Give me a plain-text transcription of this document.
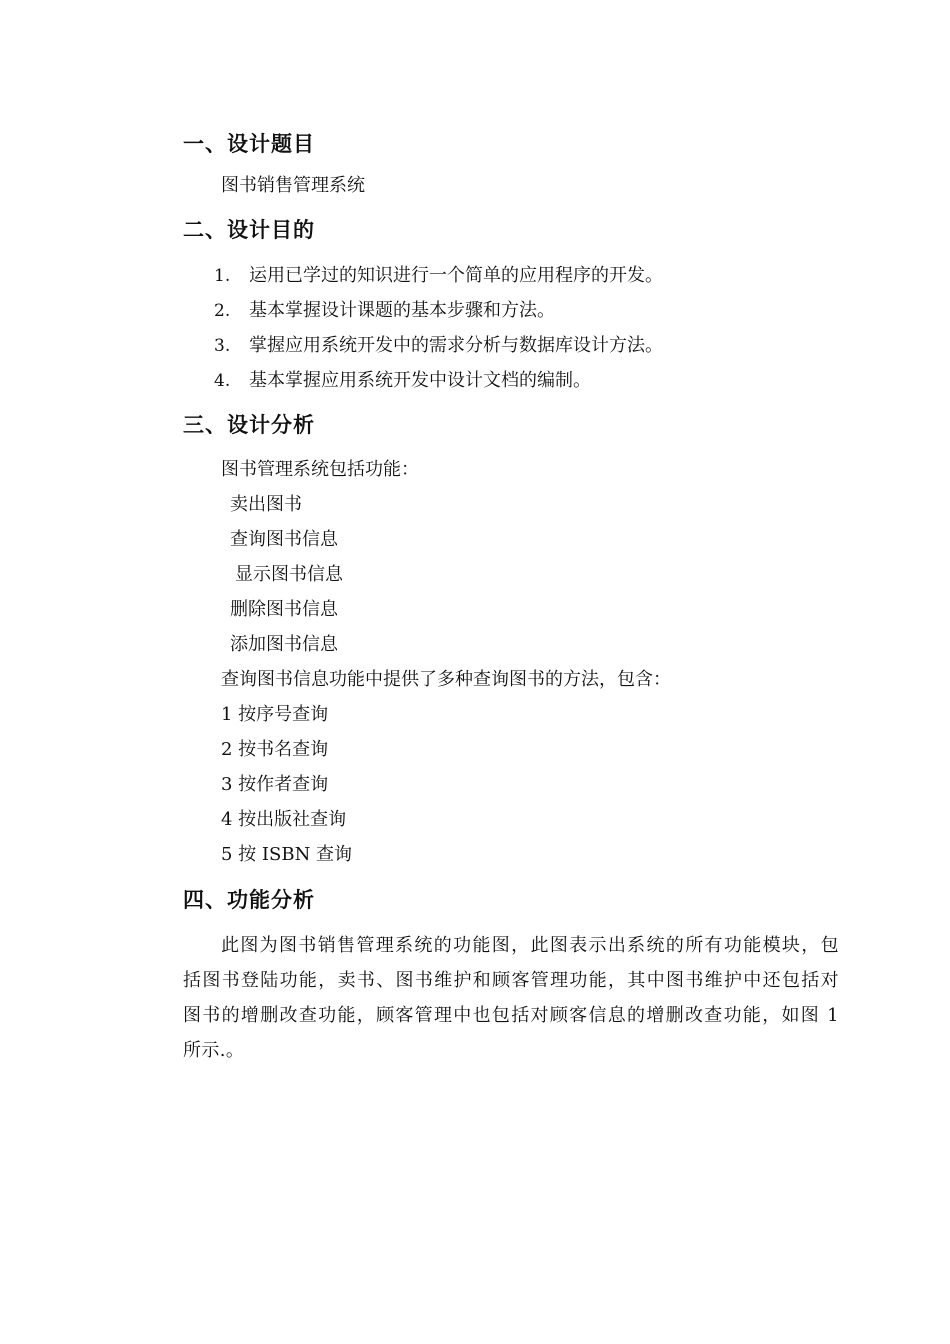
一、设计题目
图书销售管理系统
二、设计目的
1. 运用已学过的知识进行一个简单的应用程序的开发。
2. 基本掌握设计课题的基本步骤和方法。
3. 掌握应用系统开发中的需求分析与数据库设计方法。
4. 基本掌握应用系统开发中设计文档的编制。
三、设计分析
图书管理系统包括功能：
卖出图书
查询图书信息
显示图书信息
删除图书信息
添加图书信息
查询图书信息功能中提供了多种查询图书的方法，包含：
1 按序号查询
2 按书名查询
3 按作者查询
4 按出版社查询
5 按 ISBN 查询
四、功能分析
此图为图书销售管理系统的功能图，此图表示出系统的所有功能模块，包
括图书登陆功能，卖书、图书维护和顾客管理功能，其中图书维护中还包括对
图书的增删改查功能，顾客管理中也包括对顾客信息的增删改查功能，如图 1
所示.。
